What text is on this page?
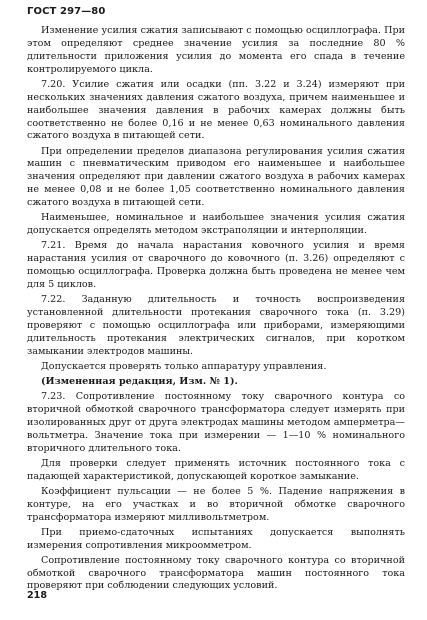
ГОСТ 297—80

Изменение усилия сжатия записывают с помощью осциллографа. При этом определяют среднее значение усилия за последние 80 % длительности приложения усилия до момента его спада в течение контролируемого цикла.

7.20. Усилие сжатия или осадки (пп. 3.22 и 3.24) измеряют при нескольких значениях давления сжатого воздуха, причем наименьшее и наибольшее значения давления в рабочих камерах должны быть соответственно не более 0,16 и не менее 0,63 номинального давления сжатого воздуха в питающей сети.

При определении пределов диапазона регулирования усилия сжатия машин с пневматическим приводом его наименьшее и наибольшее значения определяют при давлении сжатого воздуха в рабочих камерах не менее 0,08 и не более 1,05 соответственно номинального давления сжатого воздуха в питающей сети.

Наименьшее, номинальное и наибольшее значения усилия сжатия допускается определять методом экстраполяции и интерполяции.

7.21. Время до начала нарастания ковочного усилия и время нарастания усилия от сварочного до ковочного (п. 3.26) определяют с помощью осциллографа. Проверка должна быть проведена не менее чем для 5 циклов.

7.22. Заданную длительность и точность воспроизведения установленной длительности протекания сварочного тока (п. 3.29) проверяют с помощью осциллографа или приборами, измеряющими длительность протекания электрических сигналов, при коротком замыкании электродов машины.

Допускается проверять только аппаратуру управления.

(Измененная редакция, Изм. № 1).

7.23. Сопротивление постоянному току сварочного контура со вторичной обмоткой сварочного трансформатора следует измерять при изолированных друг от друга электродах машины методом амперметра—вольтметра. Значение тока при измерении — 1—10 % номинального вторичного длительного тока.

Для проверки следует применять источник постоянного тока с падающей характеристикой, допускающей короткое замыкание.

Коэффициент пульсации — не более 5 %. Падение напряжения в контуре, на его участках и во вторичной обмотке сварочного трансформатора измеряют милливольтметром.

При приемо-сдаточных испытаниях допускается выполнять измерения сопротивления микроомметром.

Сопротивление постоянному току сварочного контура со вторичной обмоткой сварочного трансформатора машин постоянного тока проверяют при соблюдении следующих условий.

218
